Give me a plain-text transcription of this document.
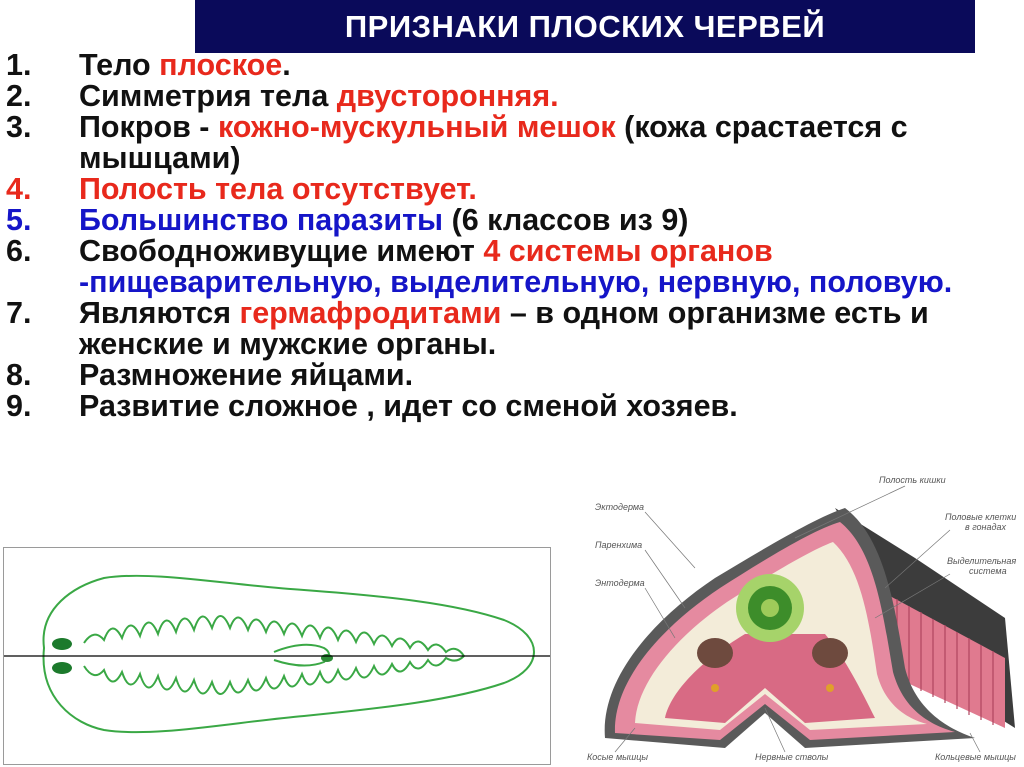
ПРИЗНАКИ ПЛОСКИХ ЧЕРВЕЙ
1.	Тело плоское.
2.	Симметрия тела двусторонняя.
3.	Покров - кожно-мускульный мешок (кожа срастается с мышцами)
4.	Полость тела отсутствует.
5.	Большинство паразиты (6 классов из 9)
6.	Свободноживущие имеют 4 системы органов -пищеварительную, выделительную, нервную, половую.
7.	Являются гермафродитами – в одном организме есть и женские и мужские органы.
8.	Размножение яйцами.
9.	Развитие сложное , идет со сменой хозяев.
Эктодерма
Паренхима
Энтодерма
Полость кишки
Половые клетки
в гонадах
Выделительная
система
Косые мышцы	Нервные стволы	Кольцевые мышцы
